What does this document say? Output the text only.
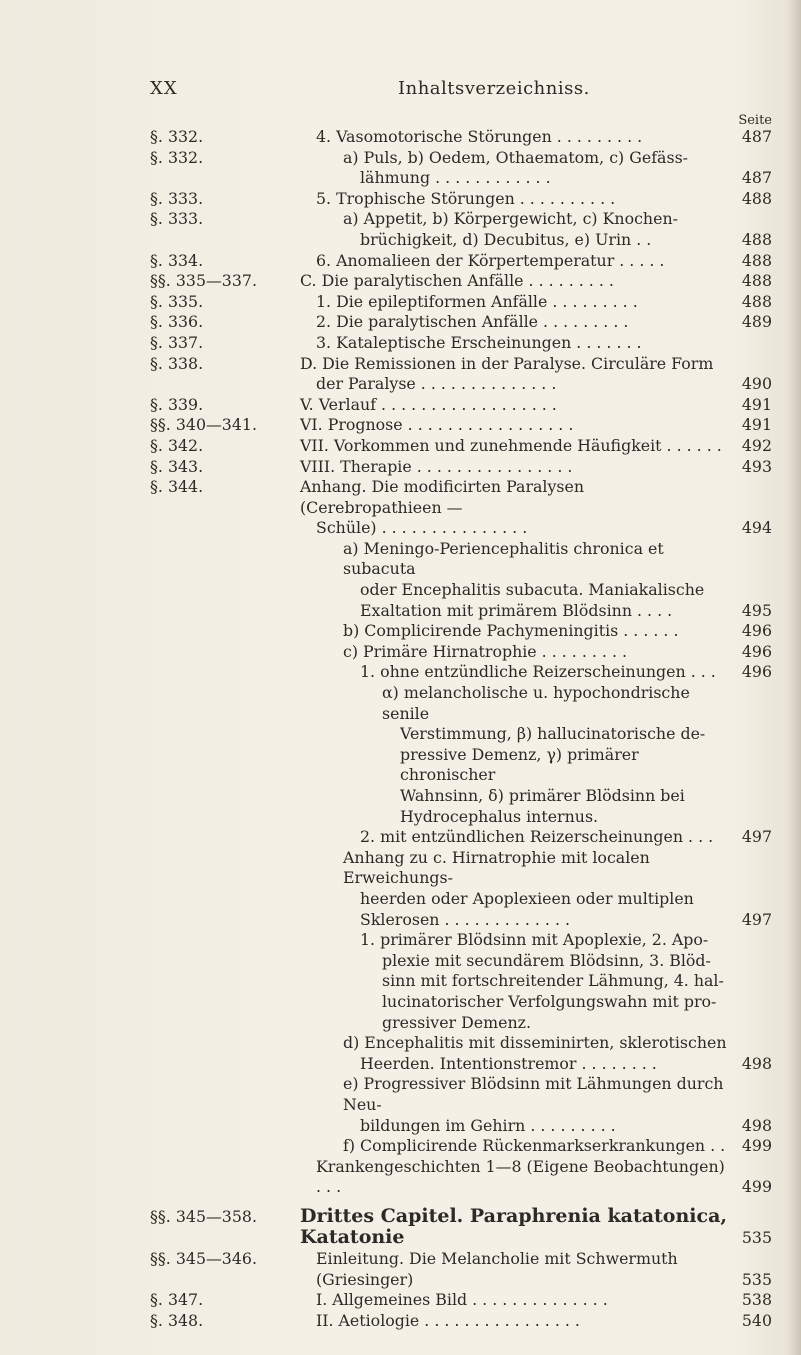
XX	Inhaltsverzeichniss.
Seite
§. 332.	4. Vasomotorische Störungen . . . . . . . . .	487
§. 332.	a) Puls, b) Oedem, Othaematom, c) Gefäss-
lähmung . . . . . . . . . . . .	487
§. 333.	5. Trophische Störungen . . . . . . . . . .	488
§. 333.	a) Appetit, b) Körpergewicht, c) Knochen-
brüchigkeit, d) Decubitus, e) Urin . .	488
§. 334.	6. Anomalieen der Körpertemperatur . . . . .	488
§§. 335—337.	C. Die paralytischen Anfälle . . . . . . . . .	488
§. 335.	1. Die epileptiformen Anfälle . . . . . . . . .	488
§. 336.	2. Die paralytischen Anfälle . . . . . . . . .	489
§. 337.	3. Kataleptische Erscheinungen . . . . . . .
§. 338.	D. Die Remissionen in der Paralyse. Circuläre Form
der Paralyse . . . . . . . . . . . . . .	490
§. 339.	V. Verlauf . . . . . . . . . . . . . . . . . .	491
§§. 340—341.	VI. Prognose . . . . . . . . . . . . . . . . .	491
§. 342.	VII. Vorkommen und zunehmende Häufigkeit . . . . . .	492
§. 343.	VIII. Therapie . . . . . . . . . . . . . . . .	493
§. 344.	Anhang. Die modificirten Paralysen (Cerebropathieen —
Schüle) . . . . . . . . . . . . . . .	494
a) Meningo-Periencephalitis chronica et subacuta
oder Encephalitis subacuta. Maniakalische
Exaltation mit primärem Blödsinn . . . .	495
b) Complicirende Pachymeningitis . . . . . .	496
c) Primäre Hirnatrophie . . . . . . . . .	496
1. ohne entzündliche Reizerscheinungen . . .	496
α) melancholische u. hypochondrische senile
Verstimmung, β) hallucinatorische de-
pressive Demenz, γ) primärer chronischer
Wahnsinn, δ) primärer Blödsinn bei
Hydrocephalus internus.
2. mit entzündlichen Reizerscheinungen . . .	497
Anhang zu c. Hirnatrophie mit localen Erweichungs-
heerden oder Apoplexieen oder multiplen
Sklerosen . . . . . . . . . . . . .	497
1. primärer Blödsinn mit Apoplexie, 2. Apo-
plexie mit secundärem Blödsinn, 3. Blöd-
sinn mit fortschreitender Lähmung, 4. hal-
lucinatorischer Verfolgungswahn mit pro-
gressiver Demenz.
d) Encephalitis mit disseminirten, sklerotischen
Heerden. Intentionstremor . . . . . . . .	498
e) Progressiver Blödsinn mit Lähmungen durch Neu-
bildungen im Gehirn . . . . . . . . .	498
f) Complicirende Rückenmarkserkrankungen . .	499
Krankengeschichten 1—8 (Eigene Beobachtungen) . . .	499
§§. 345—358.	Drittes Capitel. Paraphrenia katatonica, Katatonie	535
§§. 345—346.	Einleitung. Die Melancholie mit Schwermuth (Griesinger)	535
§. 347.	I. Allgemeines Bild . . . . . . . . . . . . . .	538
§. 348.	II. Aetiologie . . . . . . . . . . . . . . . .	540
